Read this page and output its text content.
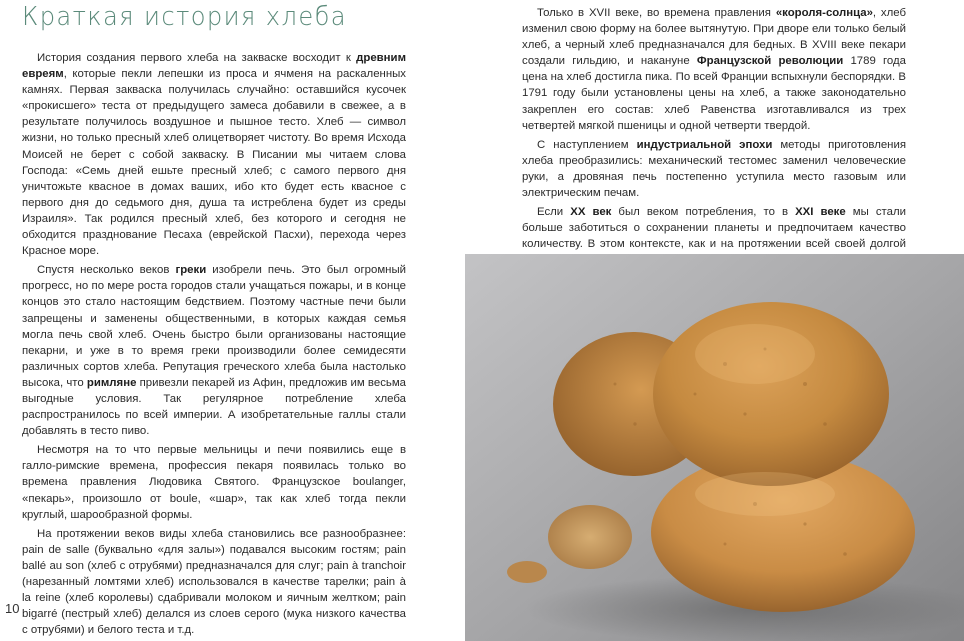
Краткая история хлеба

История создания первого хлеба на закваске восходит к древним евреям, которые пекли лепешки из проса и ячменя на раскаленных камнях. Первая закваска получилась случайно: оставшийся кусочек «прокисшего» теста от предыдущего замеса добавили в свежее, а в результате получилось воздушное и пышное тесто. Хлеб — символ жизни, но только пресный хлеб олицетворяет чистоту. Во время Исхода Моисей не берет с собой закваску. В Писании мы читаем слова Господа: «Семь дней ешьте пресный хлеб; с самого первого дня уничтожьте квасное в домах ваших, ибо кто будет есть квасное с первого дня до седьмого дня, душа та истреблена будет из среды Израиля». Так родился пресный хлеб, без которого и сегодня не обходится празднование Песаха (еврейской Пасхи), перехода через Красное море.

Спустя несколько веков греки изобрели печь. Это был огромный прогресс, но по мере роста городов стали учащаться пожары, и в конце концов это стало настоящим бедствием. Поэтому частные печи были запрещены и заменены общественными, в которых каждая семья могла печь свой хлеб. Очень быстро были организованы настоящие пекарни, и уже в то время греки производили более семидесяти различных сортов хлеба. Репутация греческого хлеба была настолько высока, что римляне привезли пекарей из Афин, предложив им весьма выгодные условия. Так регулярное потребление хлеба распространилось по всей империи. А изобретательные галлы стали добавлять в тесто пиво.

Несмотря на то что первые мельницы и печи появились еще в галло-римские времена, профессия пекаря появилась только во времена правления Людовика Святого. Французское boulanger, «пекарь», произошло от boule, «шар», так как хлеб тогда пекли круглый, шарообразной формы.

На протяжении веков виды хлеба становились все разнообразнее: pain de salle (буквально «для залы») подавался высоким гостям; pain ballé au son (хлеб с отрубями) предназначался для слуг; pain à tranchoir (нарезанный ломтями хлеб) использовался в качестве тарелки; pain à la reine (хлеб королевы) сдабривали молоком и яичным желтком; pain bigarré (пестрый хлеб) делался из слоев серого (мука низкого качества с отрубями) и белого теста и т.д.

Только в XVII веке, во времена правления «короля-солнца», хлеб изменил свою форму на более вытянутую. При дворе ели только белый хлеб, а черный хлеб предназначался для бедных. В XVIII веке пекари создали гильдию, и накануне Французской революции 1789 года цена на хлеб достигла пика. По всей Франции вспыхнули беспорядки. В 1791 году были установлены цены на хлеб, а также законодательно закреплен его состав: хлеб Равенства изготавливался из трех четвертей мягкой пшеницы и одной четверти твердой.

С наступлением индустриальной эпохи методы приготовления хлеба преобразились: механический тестомес заменил человеческие руки, а дровяная печь постепенно уступила место газовым или электрическим печам.

Если XX век был веком потребления, то в XXI веке мы стали больше заботиться о сохранении планеты и предпочитаем качество количеству. В этом контексте, как и на протяжении всей своей долгой

10
